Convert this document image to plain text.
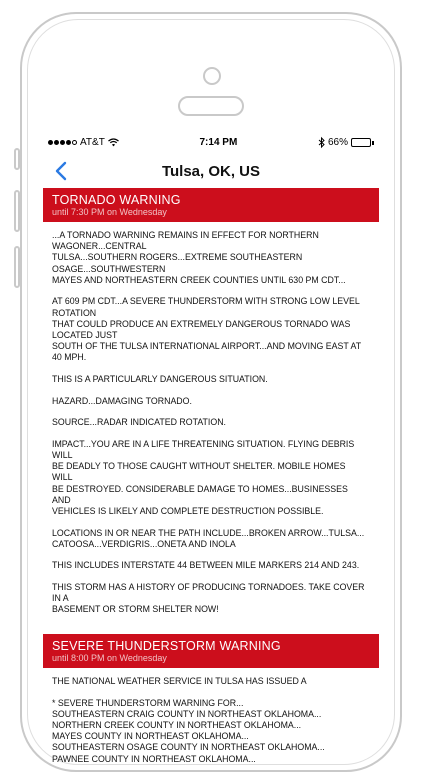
AT&T	7:14 PM	66%
Tulsa, OK, US
TORNADO WARNING
until 7:30 PM on Wednesday
...A TORNADO WARNING REMAINS IN EFFECT FOR NORTHERN
WAGONER...CENTRAL
TULSA...SOUTHERN ROGERS...EXTREME SOUTHEASTERN
OSAGE...SOUTHWESTERN
MAYES AND NORTHEASTERN CREEK COUNTIES UNTIL 630 PM CDT...
AT 609 PM CDT...A SEVERE THUNDERSTORM WITH STRONG LOW LEVEL
ROTATION
THAT COULD PRODUCE AN EXTREMELY DANGEROUS TORNADO WAS
LOCATED JUST
SOUTH OF THE TULSA INTERNATIONAL AIRPORT...AND MOVING EAST AT
40 MPH.
THIS IS A PARTICULARLY DANGEROUS SITUATION.
HAZARD...DAMAGING TORNADO.
SOURCE...RADAR INDICATED ROTATION.
IMPACT...YOU ARE IN A LIFE THREATENING SITUATION. FLYING DEBRIS
WILL
BE DEADLY TO THOSE CAUGHT WITHOUT SHELTER. MOBILE HOMES
WILL
BE DESTROYED. CONSIDERABLE DAMAGE TO HOMES...BUSINESSES
AND
VEHICLES IS LIKELY AND COMPLETE DESTRUCTION POSSIBLE.
LOCATIONS IN OR NEAR THE PATH INCLUDE...BROKEN ARROW...TULSA...
CATOOSA...VERDIGRIS...ONETA AND INOLA
THIS INCLUDES INTERSTATE 44 BETWEEN MILE MARKERS 214 AND 243.
THIS STORM HAS A HISTORY OF PRODUCING TORNADOES. TAKE COVER
IN A
BASEMENT OR STORM SHELTER NOW!
SEVERE THUNDERSTORM WARNING
until 8:00 PM on Wednesday
THE NATIONAL WEATHER SERVICE IN TULSA HAS ISSUED A
* SEVERE THUNDERSTORM WARNING FOR...
SOUTHEASTERN CRAIG COUNTY IN NORTHEAST OKLAHOMA...
NORTHERN CREEK COUNTY IN NORTHEAST OKLAHOMA...
MAYES COUNTY IN NORTHEAST OKLAHOMA...
SOUTHEASTERN OSAGE COUNTY IN NORTHEAST OKLAHOMA...
PAWNEE COUNTY IN NORTHEAST OKLAHOMA...
